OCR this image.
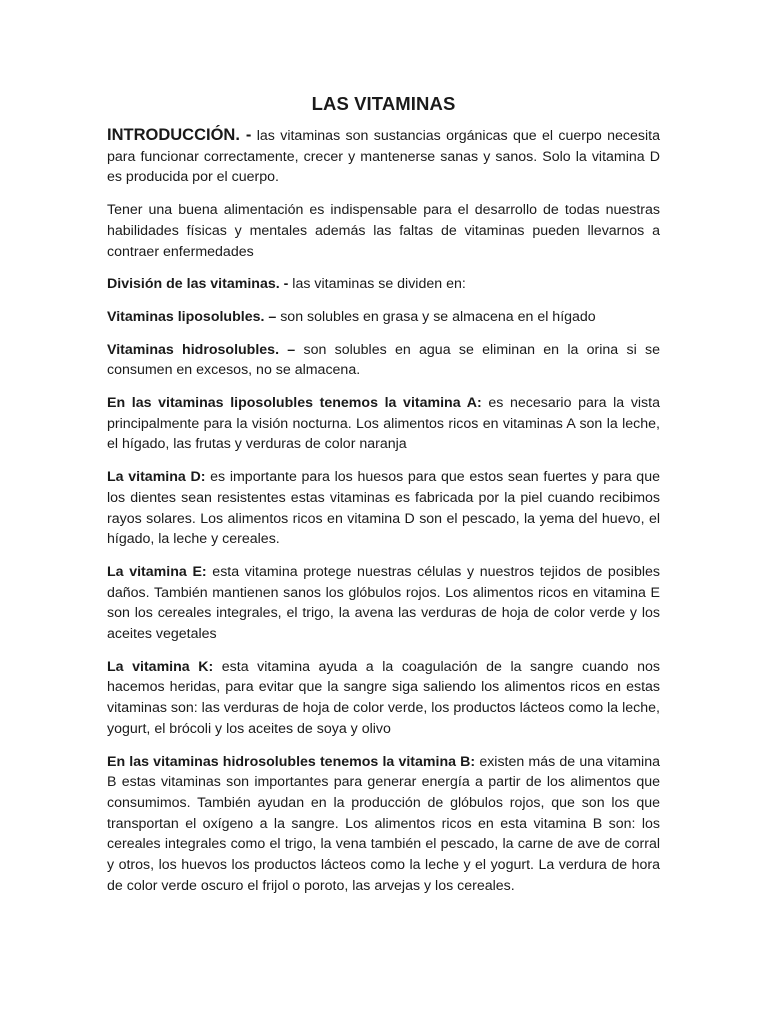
LAS VITAMINAS

INTRODUCCIÓN. - las vitaminas son sustancias orgánicas que el cuerpo necesita para funcionar correctamente, crecer y mantenerse sanas y sanos. Solo la vitamina D es producida por el cuerpo.

Tener una buena alimentación es indispensable para el desarrollo de todas nuestras habilidades físicas y mentales además las faltas de vitaminas pueden llevarnos a contraer enfermedades

División de las vitaminas. - las vitaminas se dividen en:

Vitaminas liposolubles. – son solubles en grasa y se almacena en el hígado

Vitaminas hidrosolubles. – son solubles en agua se eliminan en la orina si se consumen en excesos, no se almacena.

En las vitaminas liposolubles tenemos la vitamina A: es necesario para la vista principalmente para la visión nocturna. Los alimentos ricos en vitaminas A son la leche, el hígado, las frutas y verduras de color naranja

La vitamina D: es importante para los huesos para que estos sean fuertes y para que los dientes sean resistentes estas vitaminas es fabricada por la piel cuando recibimos rayos solares. Los alimentos ricos en vitamina D son el pescado, la yema del huevo, el hígado, la leche y cereales.

La vitamina E: esta vitamina protege nuestras células y nuestros tejidos de posibles daños. También mantienen sanos los glóbulos rojos. Los alimentos ricos en vitamina E son los cereales integrales, el trigo, la avena las verduras de hoja de color verde y los aceites vegetales

La vitamina K: esta vitamina ayuda a la coagulación de la sangre cuando nos hacemos heridas, para evitar que la sangre siga saliendo los alimentos ricos en estas vitaminas son: las verduras de hoja de color verde, los productos lácteos como la leche, yogurt, el brócoli y los aceites de soya y olivo

En las vitaminas hidrosolubles tenemos la vitamina B: existen más de una vitamina B estas vitaminas son importantes para generar energía a partir de los alimentos que consumimos. También ayudan en la producción de glóbulos rojos, que son los que transportan el oxígeno a la sangre. Los alimentos ricos en esta vitamina B son: los cereales integrales como el trigo, la vena también el pescado, la carne de ave de corral y otros, los huevos los productos lácteos como la leche y el yogurt. La verdura de hora de color verde oscuro el frijol o poroto, las arvejas y los cereales.
